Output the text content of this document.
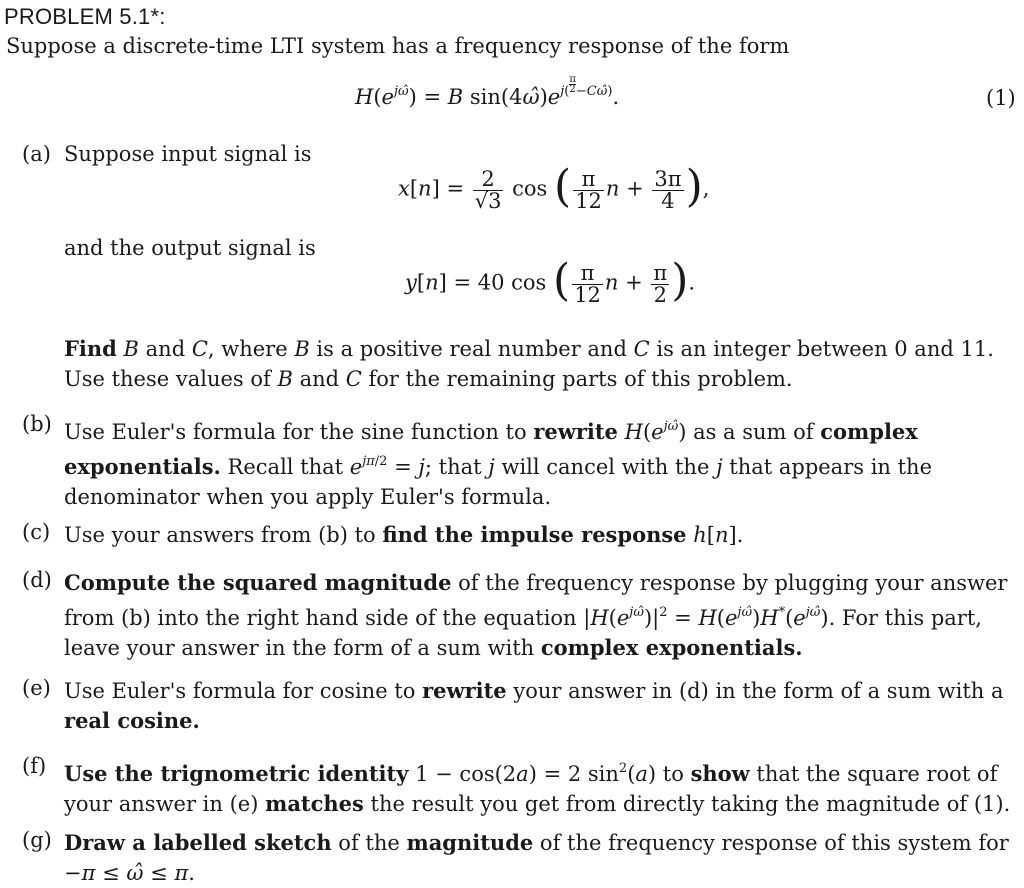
PROBLEM 5.1*:
Suppose a discrete-time LTI system has a frequency response of the form
$H(e^{j\omegâ}) = B$ $\sin(4\omegâ)e^{j( \frac{\pi}{2} -C\omegâ)}$.	(1)
(a) Suppose input signal is
$x[n] = \frac{2}{√3}$ cos ( $\frac{\pi}{12}$ $n + \frac{3\pi}{4}$ ),
and the output signal is
y[n] = 40 cos ( $\frac{\pi}{12}$ $n + \frac{\pi}{2}$ ).
Find B and C, where B is a positive real number and C is an integer between 0 and 11. Use these values of B and C for the remaining parts of this problem.
(b) Use Euler's formula for the sine function to rewrite $H(e^{j\omegâ})$ as a sum of complex exponentials. Recall that $e^{j\pi/2} = j$; that j will cancel with the j that appears in the denominator when you apply Euler's formula.
(c) Use your answers from (b) to find the impulse response h[n].
(d) Compute the squared magnitude of the frequency response by plugging your answer from (b) into the right hand side of the equation $|H(e^{j\omegâ})|^2 = H(e^{j\omegâ})H^*(e^{j\omegâ})$. For this part, leave your answer in the form of a sum with complex exponentials.
(e) Use Euler's formula for cosine to rewrite your answer in (d) in the form of a sum with a real cosine.
(f) Use the trignometric identity 1 − cos(2a) = 2 $\sin^2(a)$ to show that the square root of your answer in (e) matches the result you get from directly taking the magnitude of (1).
(g) Draw a labelled sketch of the magnitude of the frequency response of this system for −π ≤ ω̂ ≤ π.
